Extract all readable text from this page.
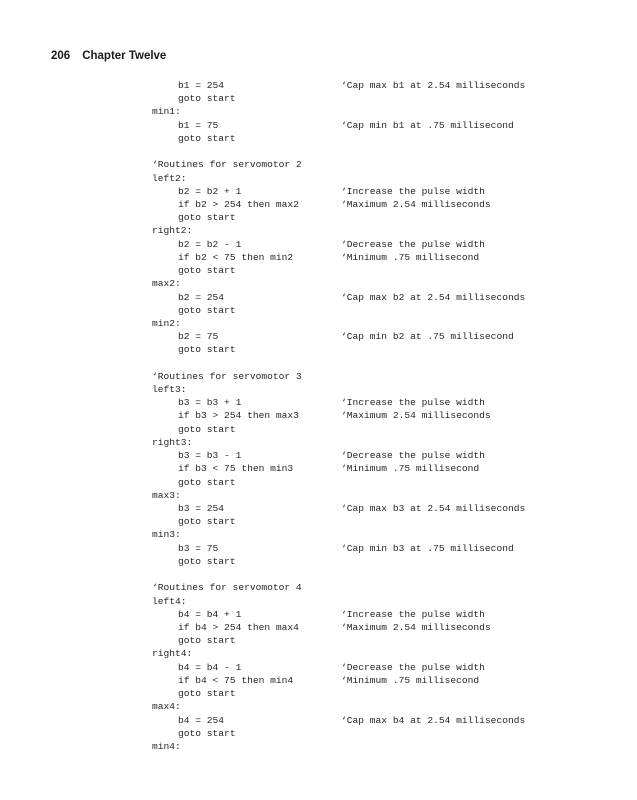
206 Chapter Twelve
b1 = 254	‘Cap max b1 at 2.54 milliseconds
goto start
min1:
b1 = 75	‘Cap min b1 at .75 millisecond
goto start
‘Routines for servomotor 2
left2:
b2 = b2 + 1	‘Increase the pulse width
if b2 > 254 then max2	‘Maximum 2.54 milliseconds
goto start
right2:
b2 = b2 - 1	‘Decrease the pulse width
if b2 < 75 then min2	‘Minimum .75 millisecond
goto start
max2:
b2 = 254	‘Cap max b2 at 2.54 milliseconds
goto start
min2:
b2 = 75	‘Cap min b2 at .75 millisecond
goto start
‘Routines for servomotor 3
left3:
b3 = b3 + 1	‘Increase the pulse width
if b3 > 254 then max3	‘Maximum 2.54 milliseconds
goto start
right3:
b3 = b3 - 1	‘Decrease the pulse width
if b3 < 75 then min3	‘Minimum .75 millisecond
goto start
max3:
b3 = 254	‘Cap max b3 at 2.54 milliseconds
goto start
min3:
b3 = 75	‘Cap min b3 at .75 millisecond
goto start
‘Routines for servomotor 4
left4:
b4 = b4 + 1	‘Increase the pulse width
if b4 > 254 then max4	‘Maximum 2.54 milliseconds
goto start
right4:
b4 = b4 - 1	‘Decrease the pulse width
if b4 < 75 then min4	‘Minimum .75 millisecond
goto start
max4:
b4 = 254	‘Cap max b4 at 2.54 milliseconds
goto start
min4:
